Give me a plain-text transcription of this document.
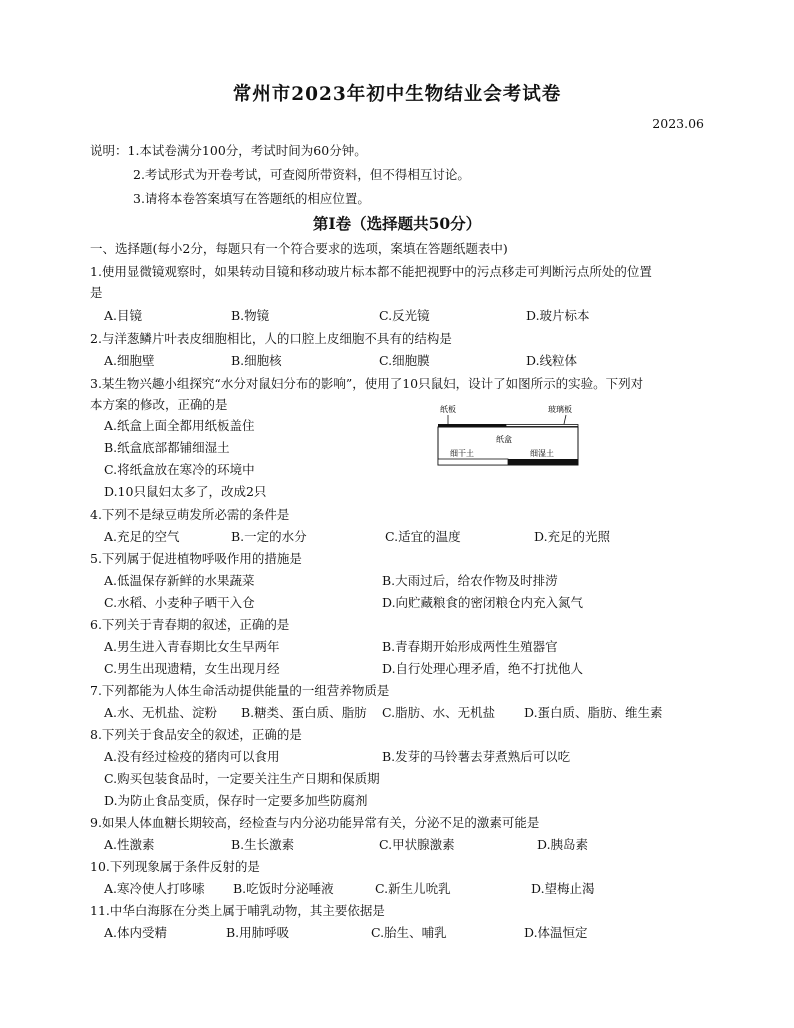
常州市2023年初中生物结业会考试卷
2023.06
说明：1.本试卷满分100分，考试时间为60分钟。
2.考试形式为开卷考试，可查阅所带资料，但不得相互讨论。
3.请将本卷答案填写在答题纸的相应位置。
第Ⅰ卷（选择题共50分）
一、选择题(每小2分，每题只有一个符合要求的选项，案填在答题纸题表中)
1.使用显微镜观察时，如果转动目镜和移动玻片标本都不能把视野中的污点移走可判断污点所处的位置
是
A.目镜	B.物镜	C.反光镜	D.玻片标本
2.与洋葱鳞片叶表皮细胞相比，人的口腔上皮细胞不具有的结构是
A.细胞壁	B.细胞核	C.细胞膜	D.线粒体
3.某生物兴趣小组探究“水分对鼠妇分布的影响”，使用了10只鼠妇，设计了如图所示的实验。下列对
本方案的修改，正确的是
A.纸盒上面全都用纸板盖住
B.纸盒底部都铺细湿土
C.将纸盒放在寒冷的环境中
D.10只鼠妇太多了，改成2只
纸板	玻璃板
纸盒
细干土	细湿土
4.下列不是绿豆萌发所必需的条件是
A.充足的空气	B.一定的水分	C.适宜的温度	D.充足的光照
5.下列属于促进植物呼吸作用的措施是
A.低温保存新鲜的水果蔬菜	B.大雨过后，给农作物及时排涝
C.水稻、小麦种子晒干入仓	D.向贮藏粮食的密闭粮仓内充入氮气
6.下列关于青春期的叙述，正确的是
A.男生进入青春期比女生早两年	B.青春期开始形成两性生殖器官
C.男生出现遗精，女生出现月经	D.自行处理心理矛盾，绝不打扰他人
7.下列都能为人体生命活动提供能量的一组营养物质是
A.水、无机盐、淀粉 B.糖类、蛋白质、脂肪 C.脂肪、水、无机盐 D.蛋白质、脂肪、维生素
8.下列关于食品安全的叙述，正确的是
A.没有经过检疫的猪肉可以食用	B.发芽的马铃薯去芽煮熟后可以吃
C.购买包装食品时，一定要关注生产日期和保质期
D.为防止食品变质，保存时一定要多加些防腐剂
9.如果人体血糖长期较高，经检查与内分泌功能异常有关，分泌不足的激素可能是
A.性激素	B.生长激素	C.甲状腺激素	D.胰岛素
10.下列现象属于条件反射的是
A.寒冷使人打哆嗦 B.吃饭时分泌唾液	C.新生儿吮乳	D.望梅止渴
11.中华白海豚在分类上属于哺乳动物，其主要依据是
A.体内受精	B.用肺呼吸	C.胎生、哺乳	D.体温恒定
